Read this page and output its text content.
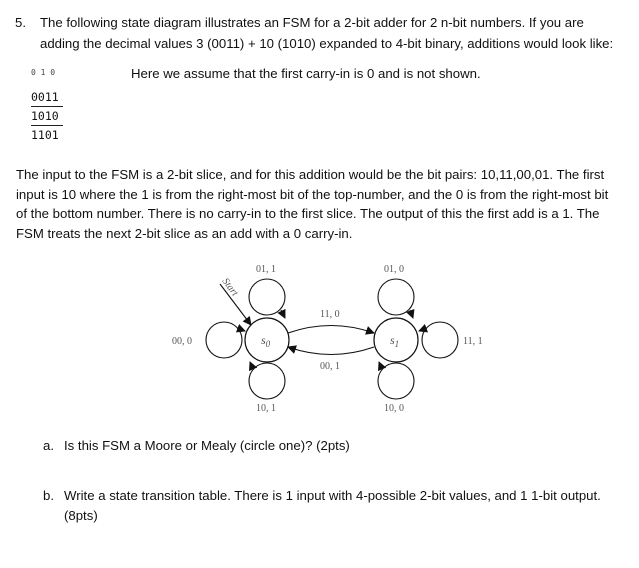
5. The following state diagram illustrates an FSM for a 2-bit adder for 2 n-bit numbers. If you are
adding the decimal values 3 (0011) + 10 (1010) expanded to 4-bit binary, additions would look like:
0 1 0	Here we assume that the first carry-in is 0 and is not shown.
0011
1010
1101
The input to the FSM is a 2-bit slice, and for this addition would be the bit pairs: 10,11,00,01. The first
input is 10 where the 1 is from the right-most bit of the top-number, and the 0 is from the right-most bit
of the bottom number. There is no carry-in to the first slice. The output of this the first add is a 1. The
FSM treats the next 2-bit slice as an add with a 0 carry-in.
$s_0$	$s_1$
Start
01, 1
00, 0
10, 1
01, 0
11, 1
10, 0
11, 0
00, 1
a. Is this FSM a Moore or Mealy (circle one)? (2pts)
b. Write a state transition table. There is 1 input with 4-possible 2-bit values, and 1 1-bit output.
(8pts)
